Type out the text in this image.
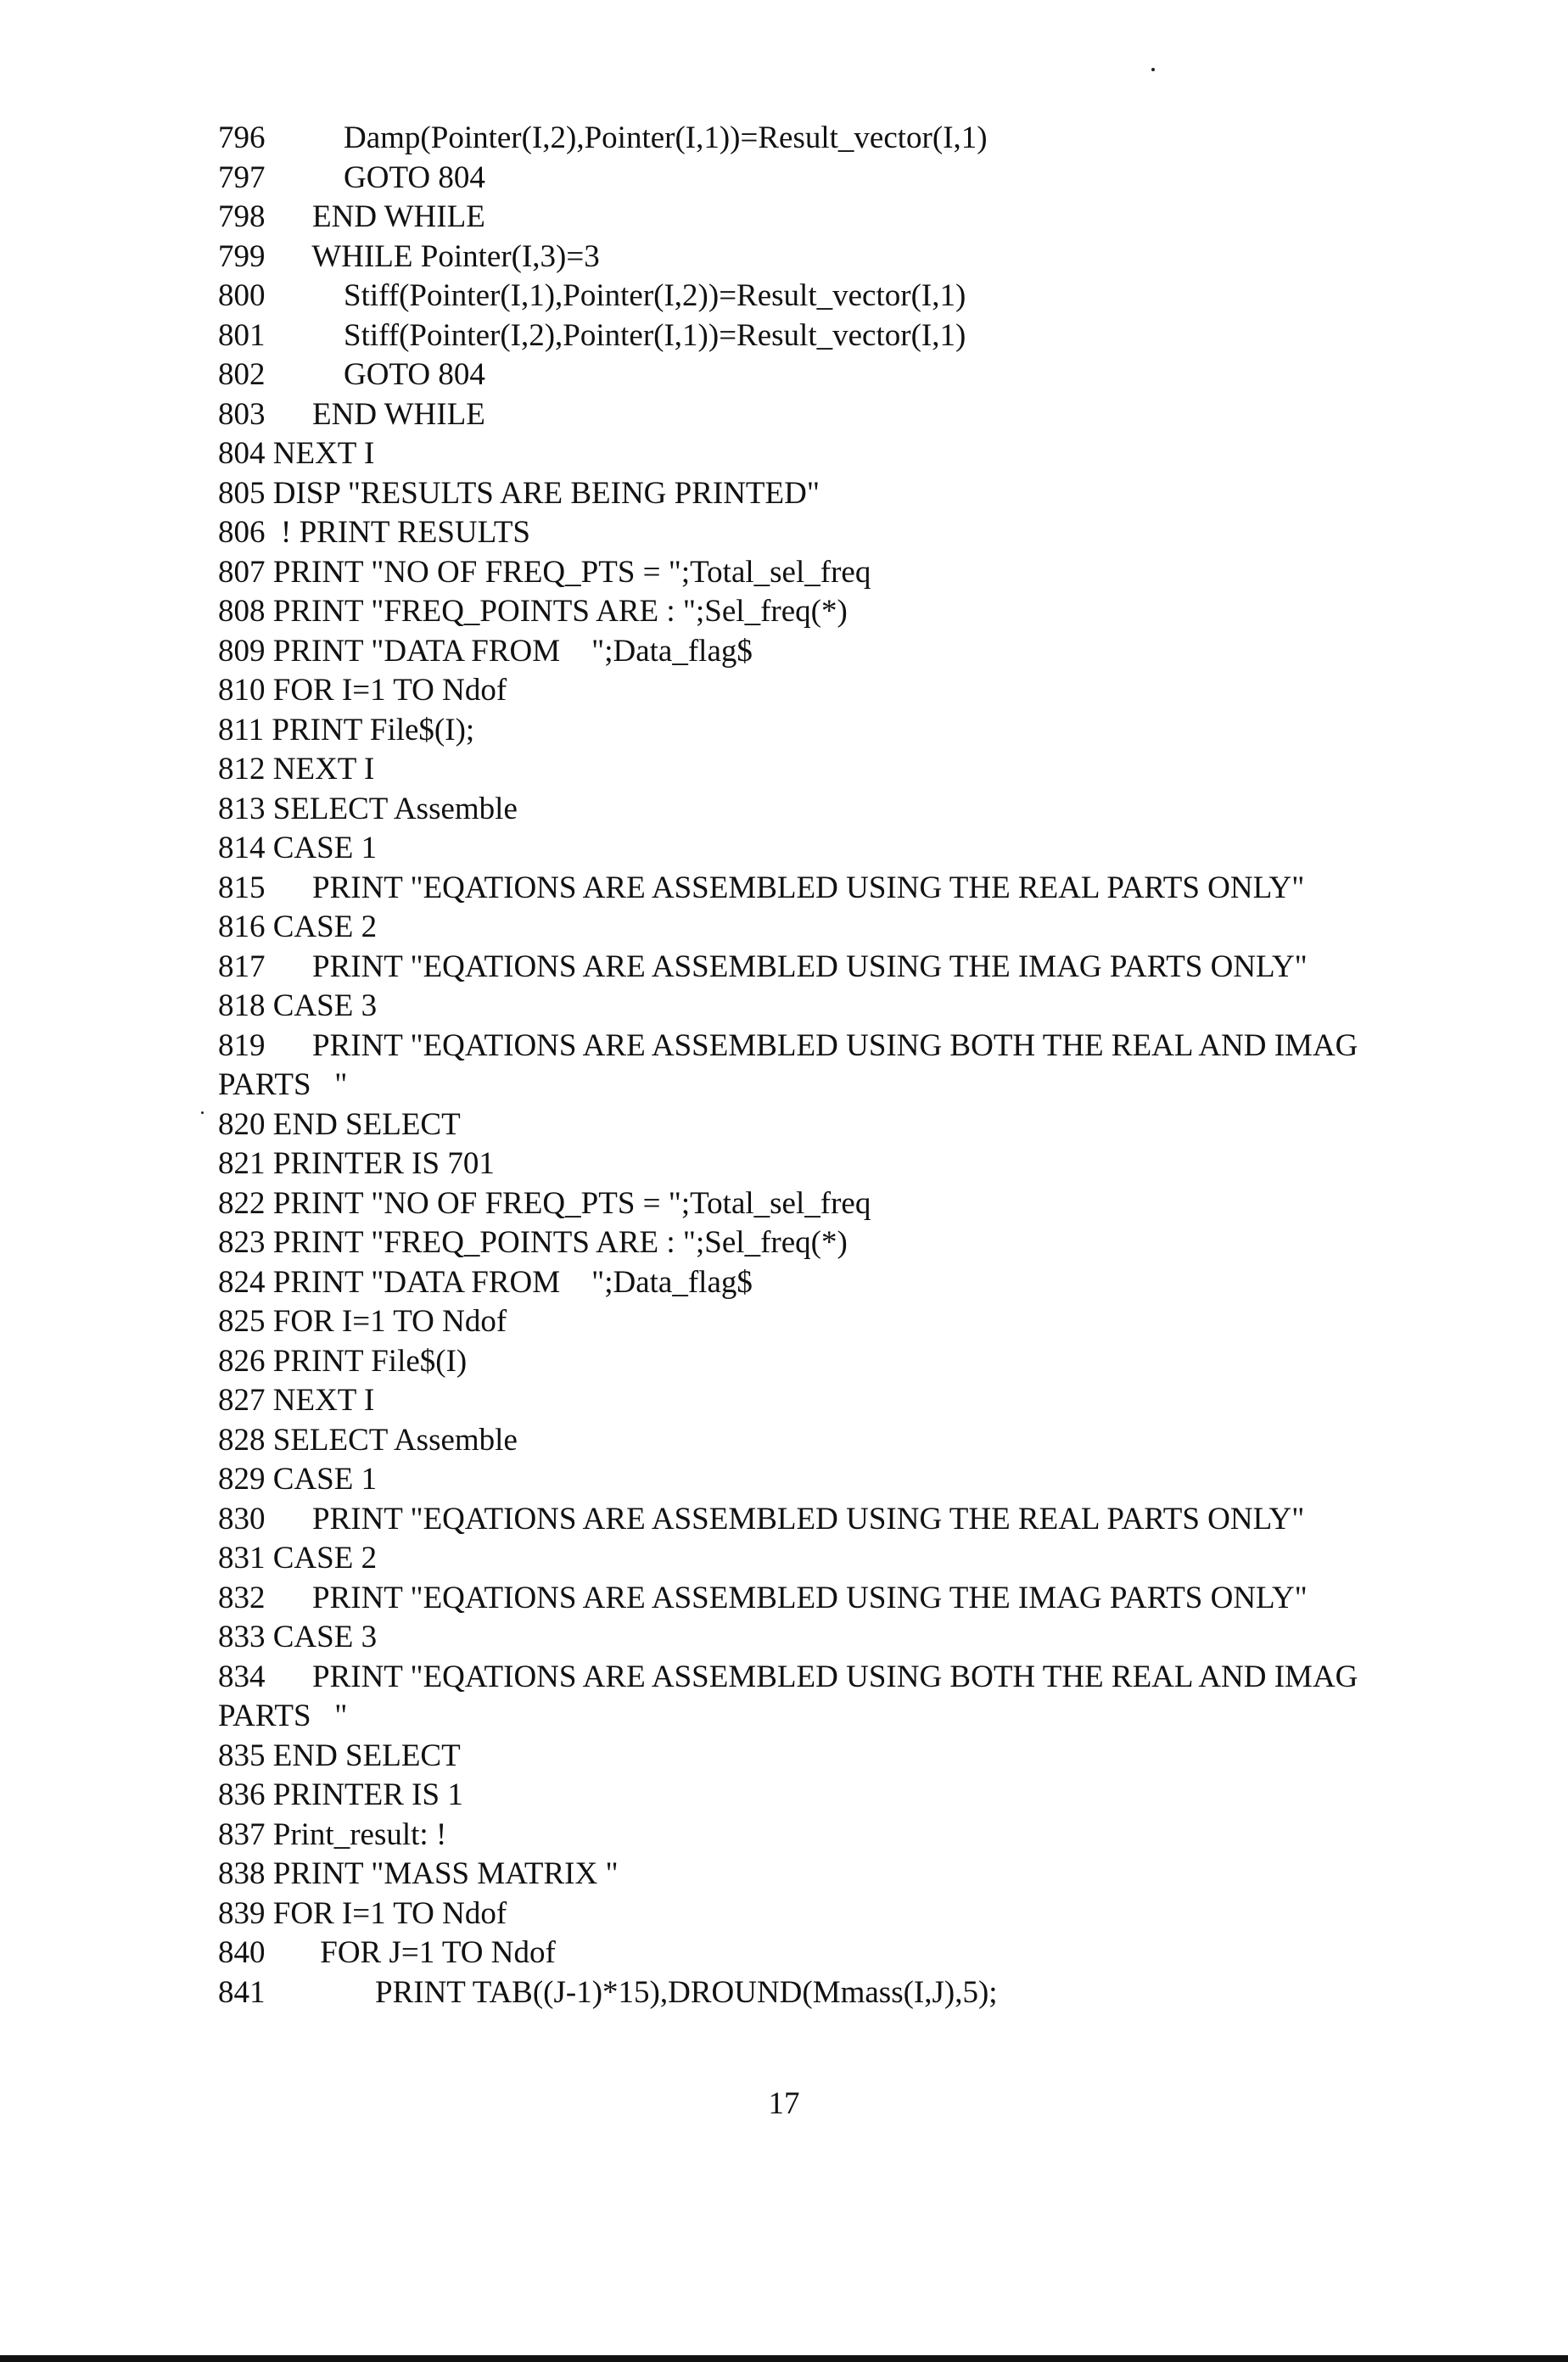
796	Damp(Pointer(I,2),Pointer(I,1))=Result_vector(I,1)
797	GOTO 804
798 END WHILE
799 WHILE Pointer(I,3)=3
800	Stiff(Pointer(I,1),Pointer(I,2))=Result_vector(I,1)
801	Stiff(Pointer(I,2),Pointer(I,1))=Result_vector(I,1)
802	GOTO 804
803 END WHILE
804 NEXT I
805 DISP "RESULTS ARE BEING PRINTED"
806 ! PRINT RESULTS
807 PRINT "NO OF FREQ_PTS = ";Total_sel_freq
808 PRINT "FREQ_POINTS ARE : ";Sel_freq(*)
809 PRINT "DATA FROM    ";Data_flag$
810 FOR I=1 TO Ndof
811 PRINT File$(I);
812 NEXT I
813 SELECT Assemble
814 CASE 1
815 PRINT "EQATIONS ARE ASSEMBLED USING THE REAL PARTS ONLY"
816 CASE 2
817 PRINT "EQATIONS ARE ASSEMBLED USING THE IMAG PARTS ONLY"
818 CASE 3
819 PRINT "EQATIONS ARE ASSEMBLED USING BOTH THE REAL AND IMAG
PARTS   "
820 END SELECT
821 PRINTER IS 701
822 PRINT "NO OF FREQ_PTS = ";Total_sel_freq
823 PRINT "FREQ_POINTS ARE : ";Sel_freq(*)
824 PRINT "DATA FROM    ";Data_flag$
825 FOR I=1 TO Ndof
826 PRINT File$(I)
827 NEXT I
828 SELECT Assemble
829 CASE 1
830 PRINT "EQATIONS ARE ASSEMBLED USING THE REAL PARTS ONLY"
831 CASE 2
832 PRINT "EQATIONS ARE ASSEMBLED USING THE IMAG PARTS ONLY"
833 CASE 3
834 PRINT "EQATIONS ARE ASSEMBLED USING BOTH THE REAL AND IMAG
PARTS   "
835 END SELECT
836 PRINTER IS 1
837 Print_result: !
838 PRINT "MASS MATRIX "
839 FOR I=1 TO Ndof
840 FOR J=1 TO Ndof
841	PRINT TAB((J-1)*15),DROUND(Mmass(I,J),5);
17
